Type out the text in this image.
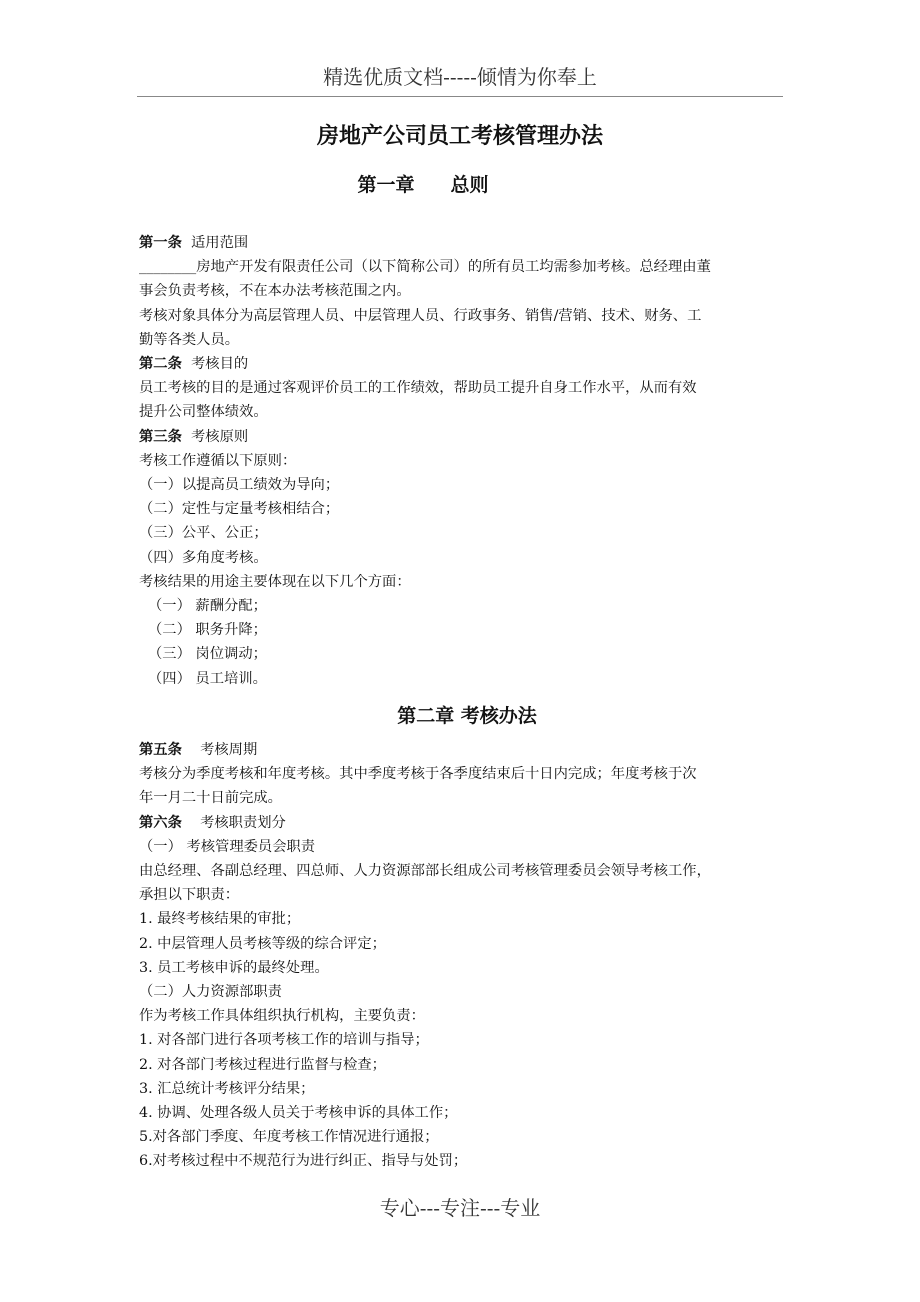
精选优质文档-----倾情为你奉上
房地产公司员工考核管理办法
第一章 总则

第一条 适用范围

________房地产开发有限责任公司（以下简称公司）的所有员工均需参加考核。总经理由董

事会负责考核，不在本办法考核范围之内。

考核对象具体分为高层管理人员、中层管理人员、行政事务、销售/营销、技术、财务、工

勤等各类人员。

第二条 考核目的

员工考核的目的是通过客观评价员工的工作绩效，帮助员工提升自身工作水平，从而有效

提升公司整体绩效。

第三条 考核原则

考核工作遵循以下原则：

（一）以提高员工绩效为导向；

（二）定性与定量考核相结合；

（三）公平、公正；

（四）多角度考核。

考核结果的用途主要体现在以下几个方面：

（一） 薪酬分配；

（二） 职务升降；

（三） 岗位调动；

（四） 员工培训。

第二章 考核办法

第五条 考核周期

考核分为季度考核和年度考核。其中季度考核于各季度结束后十日内完成；年度考核于次

年一月二十日前完成。

第六条 考核职责划分

（一） 考核管理委员会职责

由总经理、各副总经理、四总师、人力资源部部长组成公司考核管理委员会领导考核工作，

承担以下职责：

1. 最终考核结果的审批；

2. 中层管理人员考核等级的综合评定；

3. 员工考核申诉的最终处理。

（二）人力资源部职责

作为考核工作具体组织执行机构，主要负责：

1. 对各部门进行各项考核工作的培训与指导；

2. 对各部门考核过程进行监督与检查；

3. 汇总统计考核评分结果；

4. 协调、处理各级人员关于考核申诉的具体工作；

5.对各部门季度、年度考核工作情况进行通报；

6.对考核过程中不规范行为进行纠正、指导与处罚；

专心---专注---专业
